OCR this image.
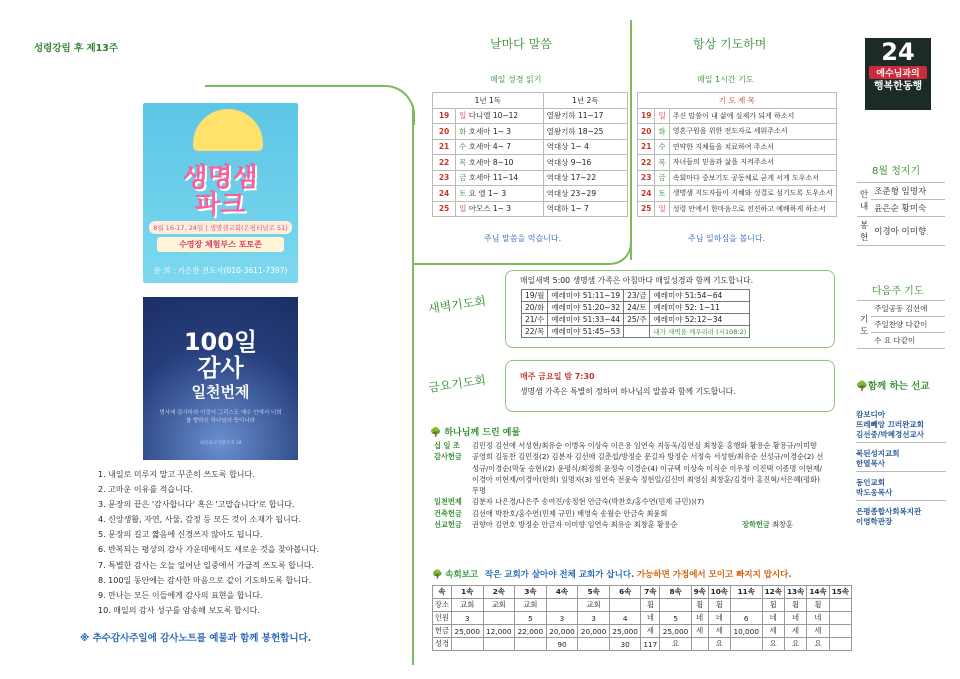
성령강림 후 제13주
생명샘
파크
8월 16-17, 24일 | 생명샘교회(은평터널로 51)
수영장 체험부스 포토존
문 의 : 가은찬 전도사(010-3611-7397)
100일
감사
일천번제
범사에 감사하라 이것이 그리스도 예수 안에서 너희를 향하신 하나님의 뜻이니라
데살로니가전서 5:18
1. 내일로 미루지 말고 꾸준히 쓰도록 합니다.
2. 고마운 이유를 적습니다.
3. 문장의 끝은 '감사합니다' 혹은 '고맙습니다'로 합니다.
4. 신앙생활, 자연, 사물, 감정 등 모든 것이 소재가 됩니다.
5. 문장의 길고 짧음에 신경쓰지 않아도 됩니다.
6. 반복되는 평상의 감사 가운데에서도 새로운 것을 찾아봅니다.
7. 특별한 감사는 오늘 일어난 일중에서 가급적 쓰도록 합니다.
8. 100일 동안에는 감사한 마음으로 같이 기도하도록 합니다.
9. 만나는 모든 이들에게 감사의 표현을 합니다.
10. 매일의 감사 성구를 암송해 보도록 합시다.
※ 추수감사주일에 감사노트를 예물과 함께 봉헌합니다.
날마다 말씀
매일 성경 읽기
1년 1독		1년 2독
19	일 다니엘 10~12	열왕기하 11~17
20	화 호세아 1~ 3	열왕기하 18~25
21	수 호세아 4~ 7	역대상 1~ 4
22	목 호세아 8~10	역대상 9~16
23	금 호세아 11~14	역대상 17~22
24	토 요 엘 1~ 3	역대상 23~29
25	일 아모스 1~ 3	역대하 1~ 7
주님 말씀을 먹습니다.
항상 기도하며
매일 1시간 기도
기 도 제 목		
19	일	주신 말씀이 내 삶에 실제가 되게 하소서
20	화	영혼구원을 위한 전도자로 세워주소서
21	수	연약한 지체들을 치료하여 주소서
22	목	자녀들의 믿음과 삶을 지켜주소서
23	금	속회마다 중보기도 공동체로 굳게 서게 도우소서
24	토	생명샘 지도자들이 지혜와 성결로 섬기도록 도우소서
25	일	성령 안에서 한마음으로 전진하고 예배하게 하소서
주님 일하심을 봅니다.
24
예수님과의
행복한동행
8월 청지기
안
내	조준형 임명자
	윤은순 황미숙
봉
헌	이경아 이미향
다음주 기도
기
도	주일공동 김선애
주일찬양 다같이
수 요 다같이
🌳함께 하는 선교
캄보디아
뜨레빼앙 끄러완교회
김선중/박혜경선교사
북된성지교회
한열목사
동인교회
박도웅목사
은평종합사회복지관
이영학관장
새벽기도회
매일새벽 5:00 생명샘 가족은 아침마다 매일성경과 함께 기도합니다.
19/월	예레미야 51:11~19	23/금	예레미야 51:54~64
20/화	예레미야 51:20~32	24/토	예레미야 52: 1~11
21/수	예레미야 51:33~44	25/주	예레미야 52:12~34
22/목	예레미야 51:45~53		내가 새벽을 깨우리라 (시108:2)
금요기도회	매주 금요일 밤 7:30
생명샘 가족은 특별히 정하여 하나님의 말씀과 함께 기도합니다.
🌳 하나님께 드린 예물
십 일 조 김민정 김선애 서성현/최유순 이병옥 이상숙 이은용 임연숙 지동욱/김연심 최창훈 홍행화 황용순 황용규/이미향
감사헌금 공영희 김동찬 김민정(2) 김분자 김선애 김춘섭/방정순 문길자 방정순 서정숙 서성현/최유순 선성규/이경순(2) 선성규/이경순(막둥 승현)(2) 윤평식/최정희 윤정숙 이경순(4) 이규택 이상숙 이식순 이우정 이진택 이종명 이현재/이경아 이현재/이경아(한희) 임명자(3) 임연숙 전윤숙 정현일/김신미 최영심 최창훈/김경아 홍진혁/서은혜(평화) 무명
일천번제 김분자 나은경/나은주 송여진/송정현 안금숙(박찬호/홍수연(민제 규민))(7)
건축헌금 김선애 박찬호/홍수연(민제 규민) 배영숙 송월순 안금숙 최윤회
선교헌금 권향아 김연호 방정순 안금자 이미향 임연숙 최유순 최창훈 황용순	장학헌금 최창훈
🌳 속회보고 작은 교회가 살아야 전체 교회가 삽니다. 가능하면 가정에서 모이고 빠지지 맙시다.
속	1속	2속	3속	4속	5속	6속	7속	8속	9속	10속	11속	12속	13속	14속	15속
장소	교회	교회	교회		교회		휨		휨	휨		휨	휨	휨	
인원	3		5	3	3	4	네	5	네	네	6	네	네	네	
헌금	25,000	12,000	22,000	20,000	20,000	25,000	세	25,000	세	세	10,000	세	세	세	
성경				90		30	117	요		요		요	요	요	
